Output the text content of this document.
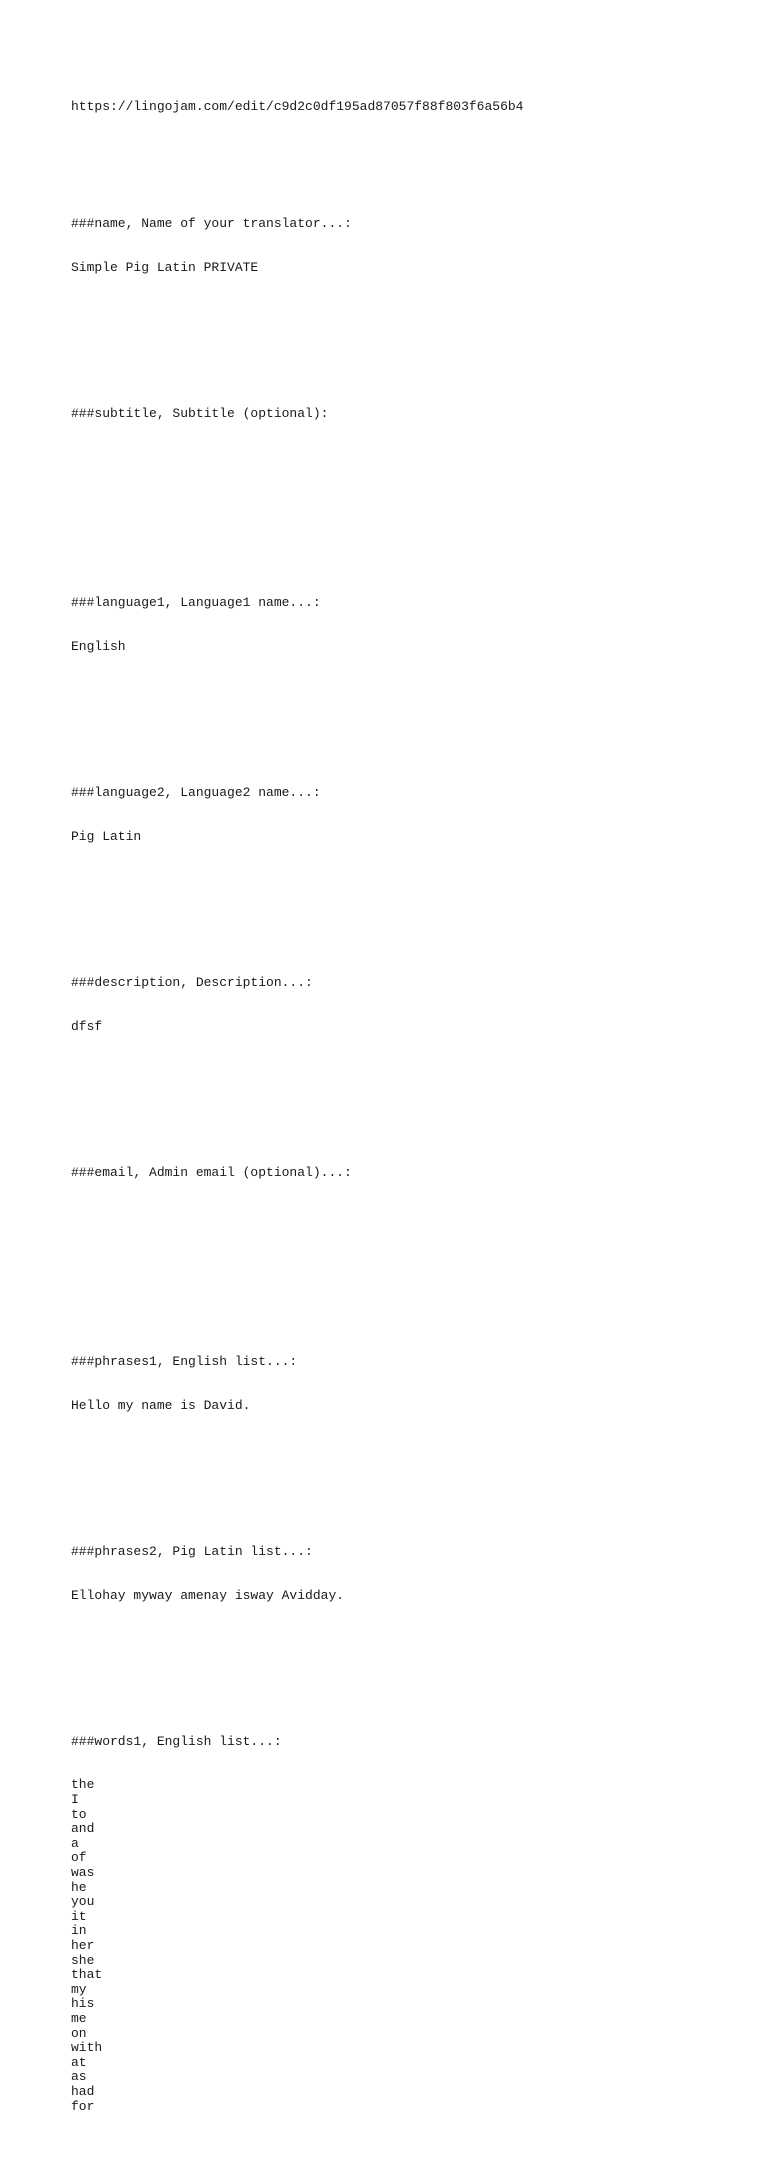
https://lingojam.com/edit/c9d2c0df195ad87057f88f803f6a56b4

###name, Name of your translator...:

Simple Pig Latin PRIVATE

###subtitle, Subtitle (optional):

###language1, Language1 name...:

English

###language2, Language2 name...:

Pig Latin

###description, Description...:

dfsf

###email, Admin email (optional)...:

###phrases1, English list...:

Hello my name is David.

###phrases2, Pig Latin list...:

Ellohay myway amenay isway Avidday.

###words1, English list...:

the
I
to
and
a
of
was
he
you
it
in
her
she
that
my
his
me
on
with
at
as
had
for
